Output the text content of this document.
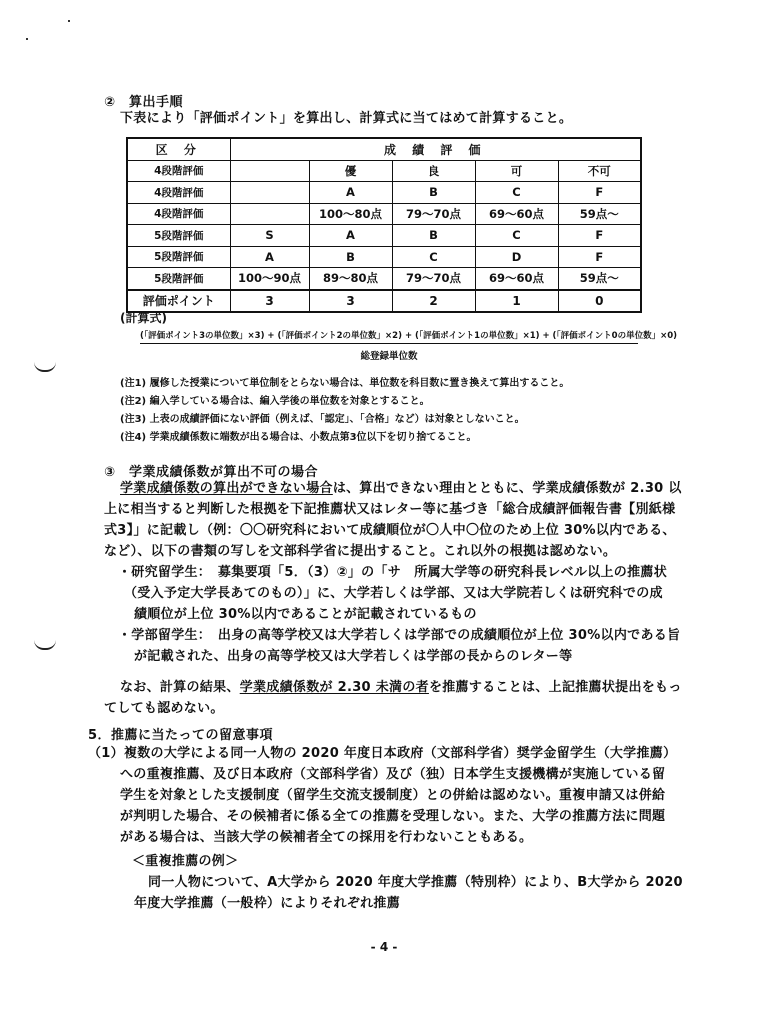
②　算出手順
下表により「評価ポイント」を算出し、計算式に当てはめて計算すること。
区 分	成 績 評 価				
4段階評価		優	良	可	不可
4段階評価		A	B	C	F
4段階評価		100～80点	79～70点	69～60点	59点～
5段階評価	S	A	B	C	F
5段階評価	A	B	C	D	F
5段階評価	100～90点	89～80点	79～70点	69～60点	59点～
評価ポイント	3	3	2	1	0
(計算式)
(「評価ポイント3の単位数」×3) + (「評価ポイント2の単位数」×2) + (「評価ポイント1の単位数」×1) + (「評価ポイント0の単位数」×0)
総登録単位数
(注1) 履修した授業について単位制をとらない場合は、単位数を科目数に置き換えて算出すること。
(注2) 編入学している場合は、編入学後の単位数を対象とすること。
(注3) 上表の成績評価にない評価（例えば、「認定」、「合格」など）は対象としないこと。
(注4) 学業成績係数に端数が出る場合は、小数点第3位以下を切り捨てること。
③　学業成績係数が算出不可の場合
学業成績係数の算出ができない場合は、算出できない理由とともに、学業成績係数が 2.30 以
上に相当すると判断した根拠を下記推薦状又はレター等に基づき「総合成績評価報告書【別紙様
式3】」に記載し（例：〇〇研究科において成績順位が〇人中〇位のため上位 30%以内である、
など）、以下の書類の写しを文部科学省に提出すること。これ以外の根拠は認めない。
・研究留学生：　募集要項「5．（3）②」の「サ　所属大学等の研究科長レベル以上の推薦状
（受入予定大学長あてのもの）」に、大学若しくは学部、又は大学院若しくは研究科での成
績順位が上位 30%以内であることが記載されているもの
・学部留学生：　出身の高等学校又は大学若しくは学部での成績順位が上位 30%以内である旨
が記載された、出身の高等学校又は大学若しくは学部の長からのレター等
なお、計算の結果、学業成績係数が 2.30 未満の者を推薦することは、上記推薦状提出をもっ
てしても認めない。
5．推薦に当たっての留意事項
（1）複数の大学による同一人物の 2020 年度日本政府（文部科学省）奨学金留学生（大学推薦）
への重複推薦、及び日本政府（文部科学省）及び（独）日本学生支援機構が実施している留
学生を対象とした支援制度（留学生交流支援制度）との併給は認めない。重複申請又は併給
が判明した場合、その候補者に係る全ての推薦を受理しない。また、大学の推薦方法に問題
がある場合は、当該大学の候補者全ての採用を行わないこともある。
＜重複推薦の例＞
同一人物について、A大学から 2020 年度大学推薦（特別枠）により、B大学から 2020
年度大学推薦（一般枠）によりそれぞれ推薦
- 4 -
